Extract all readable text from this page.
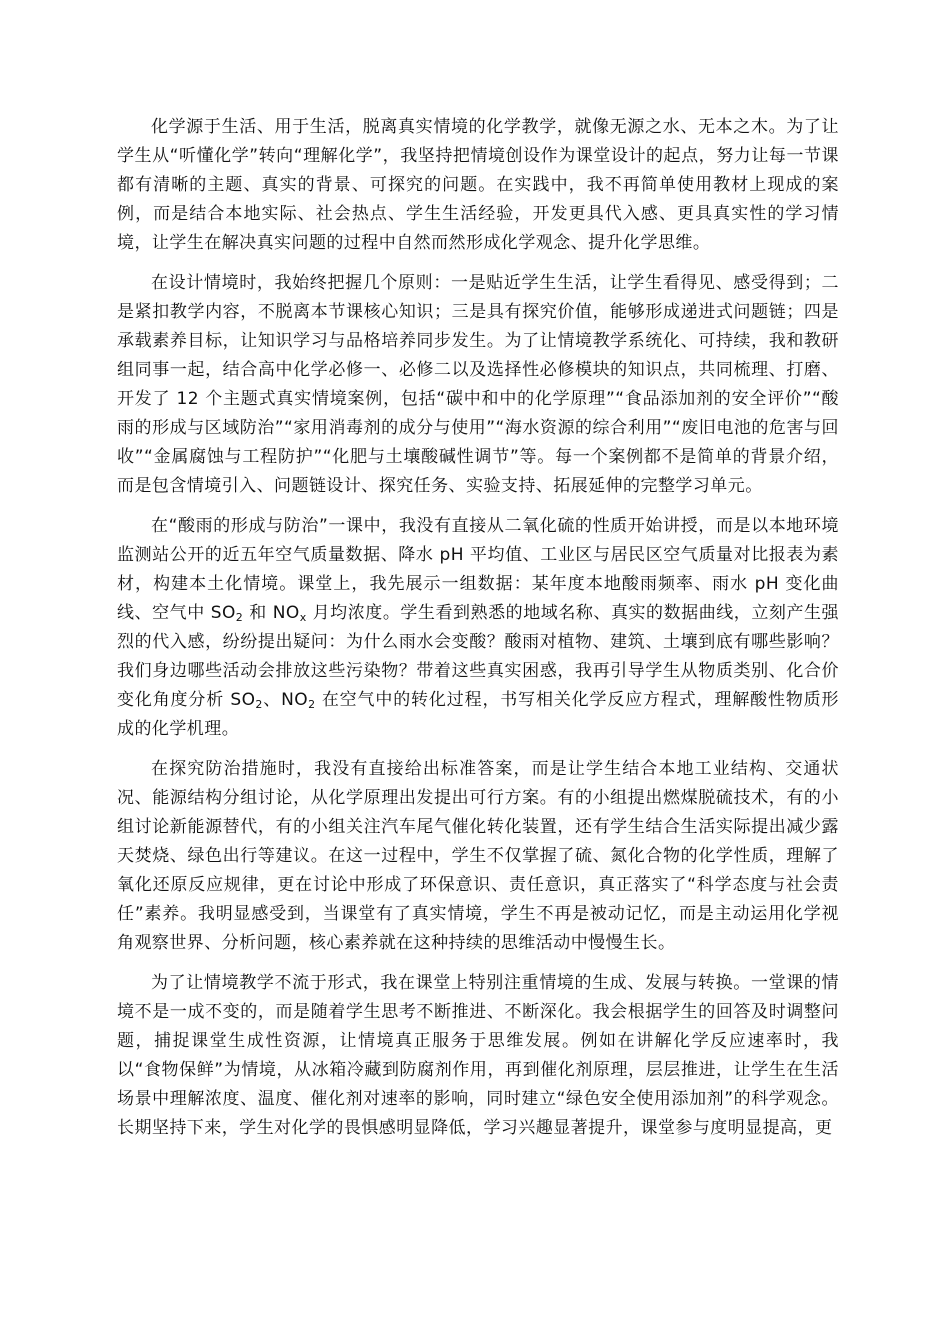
化学源于生活、用于生活，脱离真实情境的化学教学，就像无源之水、无本之木。为了让学生从“听懂化学”转向“理解化学”，我坚持把情境创设作为课堂设计的起点，努力让每一节课都有清晰的主题、真实的背景、可探究的问题。在实践中，我不再简单使用教材上现成的案例，而是结合本地实际、社会热点、学生生活经验，开发更具代入感、更具真实性的学习情境，让学生在解决真实问题的过程中自然而然形成化学观念、提升化学思维。

在设计情境时，我始终把握几个原则：一是贴近学生生活，让学生看得见、感受得到；二是紧扣教学内容，不脱离本节课核心知识；三是具有探究价值，能够形成递进式问题链；四是承载素养目标，让知识学习与品格培养同步发生。为了让情境教学系统化、可持续，我和教研组同事一起，结合高中化学必修一、必修二以及选择性必修模块的知识点，共同梳理、打磨、开发了 12 个主题式真实情境案例，包括“碳中和中的化学原理”“食品添加剂的安全评价”“酸雨的形成与区域防治”“家用消毒剂的成分与使用”“海水资源的综合利用”“废旧电池的危害与回收”“金属腐蚀与工程防护”“化肥与土壤酸碱性调节”等。每一个案例都不是简单的背景介绍，而是包含情境引入、问题链设计、探究任务、实验支持、拓展延伸的完整学习单元。

在“酸雨的形成与防治”一课中，我没有直接从二氧化硫的性质开始讲授，而是以本地环境监测站公开的近五年空气质量数据、降水 pH 平均值、工业区与居民区空气质量对比报表为素材，构建本土化情境。课堂上，我先展示一组数据：某年度本地酸雨频率、雨水 pH 变化曲线、空气中 $SO_2$ 和 $NO_x$ 月均浓度。学生看到熟悉的地域名称、真实的数据曲线，立刻产生强烈的代入感，纷纷提出疑问：为什么雨水会变酸？酸雨对植物、建筑、土壤到底有哪些影响？我们身边哪些活动会排放这些污染物？带着这些真实困惑，我再引导学生从物质类别、化合价变化角度分析 $SO_2$、$NO_2$ 在空气中的转化过程，书写相关化学反应方程式，理解酸性物质形成的化学机理。

在探究防治措施时，我没有直接给出标准答案，而是让学生结合本地工业结构、交通状况、能源结构分组讨论，从化学原理出发提出可行方案。有的小组提出燃煤脱硫技术，有的小组讨论新能源替代，有的小组关注汽车尾气催化转化装置，还有学生结合生活实际提出减少露天焚烧、绿色出行等建议。在这一过程中，学生不仅掌握了硫、氮化合物的化学性质，理解了氧化还原反应规律，更在讨论中形成了环保意识、责任意识，真正落实了“科学态度与社会责任”素养。我明显感受到，当课堂有了真实情境，学生不再是被动记忆，而是主动运用化学视角观察世界、分析问题，核心素养就在这种持续的思维活动中慢慢生长。

为了让情境教学不流于形式，我在课堂上特别注重情境的生成、发展与转换。一堂课的情境不是一成不变的，而是随着学生思考不断推进、不断深化。我会根据学生的回答及时调整问题，捕捉课堂生成性资源，让情境真正服务于思维发展。例如在讲解化学反应速率时，我以“食物保鲜”为情境，从冰箱冷藏到防腐剂作用，再到催化剂原理，层层推进，让学生在生活场景中理解浓度、温度、催化剂对速率的影响，同时建立“绿色安全使用添加剂”的科学观念。长期坚持下来，学生对化学的畏惧感明显降低，学习兴趣显著提升，课堂参与度明显提高，更
